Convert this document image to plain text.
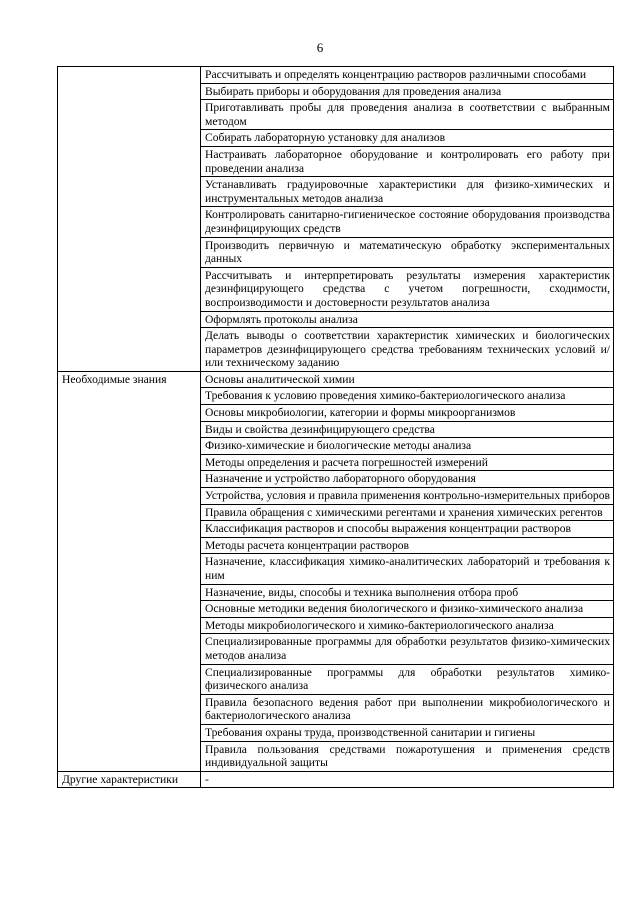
6
	Рассчитывать и определять концентрацию растворов различными способами
	Выбирать приборы и оборудования для проведения анализа
	Приготавливать пробы для проведения анализа в соответствии с выбранным методом
	Собирать лабораторную установку для анализов
	Настраивать лабораторное оборудование и контролировать его работу при проведении анализа
	Устанавливать градуировочные характеристики для физико-химических и инструментальных методов анализа
	Контролировать санитарно-гигиеническое состояние оборудования производства дезинфицирующих средств
	Производить первичную и математическую обработку экспериментальных данных
	Рассчитывать и интерпретировать результаты измерения характеристик дезинфицирующего средства с учетом погрешности, сходимости, воспроизводимости и достоверности результатов анализа
	Оформлять протоколы анализа
	Делать выводы о соответствии характеристик химических и биологических параметров дезинфицирующего средства требованиям технических условий и/или техническому заданию
Необходимые знания	Основы аналитической химии
	Требования к условию проведения химико-бактериологического анализа
	Основы микробиологии, категории и формы микроорганизмов
	Виды и свойства дезинфицирующего средства
	Физико-химические и биологические методы анализа
	Методы определения и расчета погрешностей измерений
	Назначение и устройство лабораторного оборудования
	Устройства, условия и правила применения контрольно-измерительных приборов
	Правила обращения с химическими регентами и хранения химических регентов
	Классификация растворов и способы выражения концентрации растворов
	Методы расчета концентрации растворов
	Назначение, классификация химико-аналитических лабораторий и требования к ним
	Назначение, виды, способы и техника выполнения отбора проб
	Основные методики ведения биологического и физико-химического анализа
	Методы микробиологического и химико-бактериологического анализа
	Специализированные программы для обработки результатов физико-химических методов анализа
	Специализированные программы для обработки результатов химико-физического анализа
	Правила безопасного ведения работ при выполнении микробиологического и бактериологического анализа
	Требования охраны труда, производственной санитарии и гигиены
	Правила пользования средствами пожаротушения и применения средств индивидуальной защиты
Другие характеристики	-
